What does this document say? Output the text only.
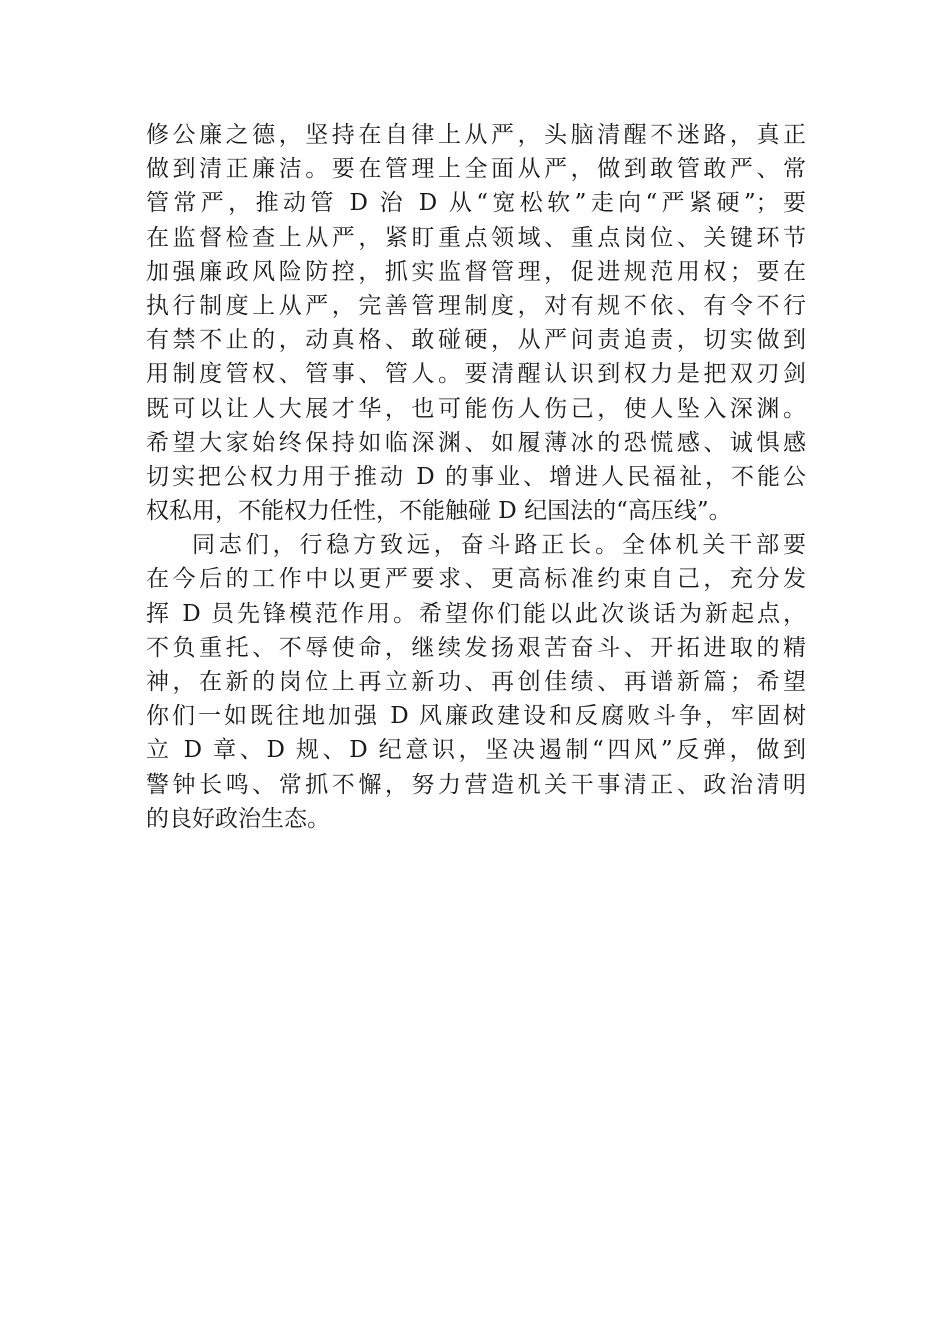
修公廉之德，坚持在自律上从严，头脑清醒不迷路，真正
做到清正廉洁。要在管理上全面从严，做到敢管敢严、常
管常严，推动管 D 治 D 从“宽松软”走向“严紧硬”；要
在监督检查上从严，紧盯重点领域、重点岗位、关键环节
加强廉政风险防控，抓实监督管理，促进规范用权；要在
执行制度上从严，完善管理制度，对有规不依、有令不行
有禁不止的，动真格、敢碰硬，从严问责追责，切实做到
用制度管权、管事、管人。要清醒认识到权力是把双刃剑
既可以让人大展才华，也可能伤人伤己，使人坠入深渊。
希望大家始终保持如临深渊、如履薄冰的恐慌感、诚惧感
切实把公权力用于推动 D 的事业、增进人民福祉，不能公
权私用，不能权力任性，不能触碰 D 纪国法的“高压线”。
同志们，行稳方致远，奋斗路正长。全体机关干部要
在今后的工作中以更严要求、更高标准约束自己，充分发
挥 D 员先锋模范作用。希望你们能以此次谈话为新起点，
不负重托、不辱使命，继续发扬艰苦奋斗、开拓进取的精
神，在新的岗位上再立新功、再创佳绩、再谱新篇；希望
你们一如既往地加强 D 风廉政建设和反腐败斗争，牢固树
立 D 章、D 规、D 纪意识，坚决遏制“四风”反弹，做到
警钟长鸣、常抓不懈，努力营造机关干事清正、政治清明
的良好政治生态。
